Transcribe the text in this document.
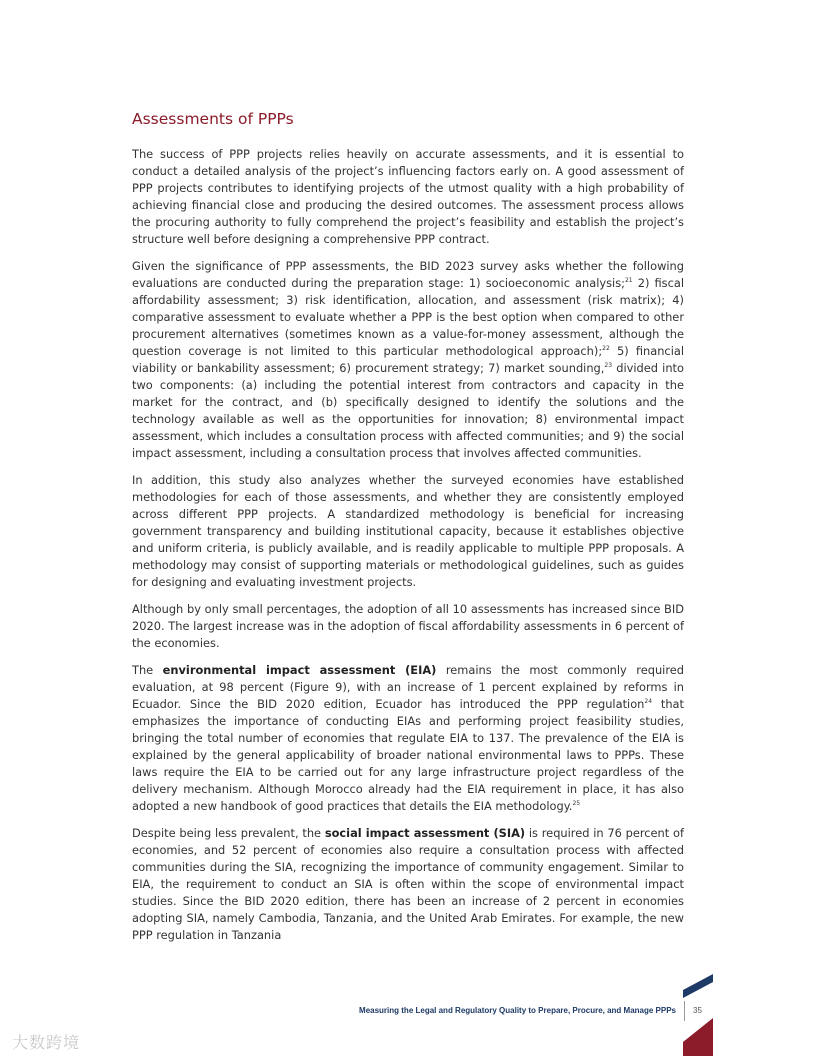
Assessments of PPPs

The success of PPP projects relies heavily on accurate assessments, and it is essential to conduct a detailed analysis of the project’s influencing factors early on. A good assessment of PPP projects contributes to identifying projects of the utmost quality with a high probability of achieving financial close and producing the desired outcomes. The assessment process allows the procuring authority to fully comprehend the project’s feasibility and establish the project’s structure well before designing a comprehensive PPP contract.

Given the significance of PPP assessments, the BID 2023 survey asks whether the following evaluations are conducted during the preparation stage: 1) socioeconomic analysis;$^{21}$ 2) fiscal affordability assessment; 3) risk identification, allocation, and assessment (risk matrix); 4) comparative assessment to evaluate whether a PPP is the best option when compared to other procurement alternatives (sometimes known as a value-for-money assessment, although the question coverage is not limited to this particular methodological approach);$^{22}$ 5) financial viability or bankability assessment; 6) procurement strategy; 7) market sounding,$^{23}$ divided into two components: (a) including the potential interest from contractors and capacity in the market for the contract, and (b) specifically designed to identify the solutions and the technology available as well as the opportunities for innovation; 8) environmental impact assessment, which includes a consultation process with affected communities; and 9) the social impact assessment, including a consultation process that involves affected communities.

In addition, this study also analyzes whether the surveyed economies have established methodologies for each of those assessments, and whether they are consistently employed across different PPP projects. A standardized methodology is beneficial for increasing government transparency and building institutional capacity, because it establishes objective and uniform criteria, is publicly available, and is readily applicable to multiple PPP proposals. A methodology may consist of supporting materials or methodological guidelines, such as guides for designing and evaluating investment projects.

Although by only small percentages, the adoption of all 10 assessments has increased since BID 2020. The largest increase was in the adoption of fiscal affordability assessments in 6 percent of the economies.

The environmental impact assessment (EIA) remains the most commonly required evaluation, at 98 percent (Figure 9), with an increase of 1 percent explained by reforms in Ecuador. Since the BID 2020 edition, Ecuador has introduced the PPP regulation$^{24}$ that emphasizes the importance of conducting EIAs and performing project feasibility studies, bringing the total number of economies that regulate EIA to 137. The prevalence of the EIA is explained by the general applicability of broader national environmental laws to PPPs. These laws require the EIA to be carried out for any large infrastructure project regardless of the delivery mechanism. Although Morocco already had the EIA requirement in place, it has also adopted a new handbook of good practices that details the EIA methodology.$^{25}$

Despite being less prevalent, the social impact assessment (SIA) is required in 76 percent of economies, and 52 percent of economies also require a consultation process with affected communities during the SIA, recognizing the importance of community engagement. Similar to EIA, the requirement to conduct an SIA is often within the scope of environmental impact studies. Since the BID 2020 edition, there has been an increase of 2 percent in economies adopting SIA, namely Cambodia, Tanzania, and the United Arab Emirates. For example, the new PPP regulation in Tanzania

Measuring the Legal and Regulatory Quality to Prepare, Procure, and Manage PPPs 35
大数跨境
